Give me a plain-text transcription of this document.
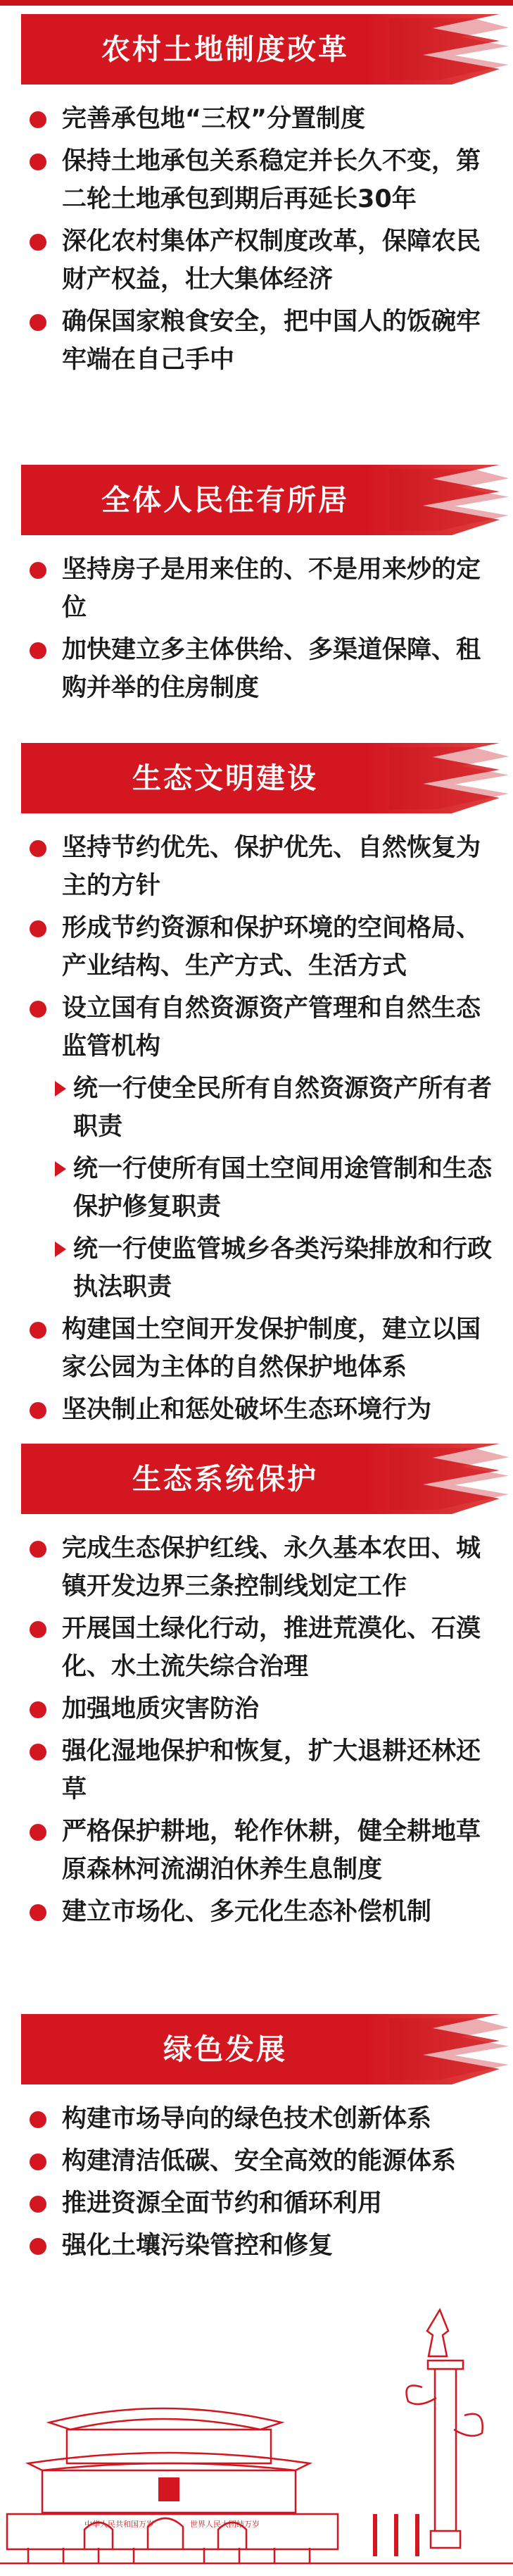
农村土地制度改革
完善承包地“三权”分置制度
保持土地承包关系稳定并长久不变，第二轮土地承包到期后再延长30年
深化农村集体产权制度改革，保障农民财产权益，壮大集体经济
确保国家粮食安全，把中国人的饭碗牢牢端在自己手中
全体人民住有所居
坚持房子是用来住的、不是用来炒的定位
加快建立多主体供给、多渠道保障、租购并举的住房制度
生态文明建设
坚持节约优先、保护优先、自然恢复为主的方针
形成节约资源和保护环境的空间格局、产业结构、生产方式、生活方式
设立国有自然资源资产管理和自然生态监管机构
统一行使全民所有自然资源资产所有者职责
统一行使所有国土空间用途管制和生态保护修复职责
统一行使监管城乡各类污染排放和行政执法职责
构建国土空间开发保护制度，建立以国家公园为主体的自然保护地体系
坚决制止和惩处破坏生态环境行为
生态系统保护
完成生态保护红线、永久基本农田、城镇开发边界三条控制线划定工作
开展国土绿化行动，推进荒漠化、石漠化、水土流失综合治理
加强地质灾害防治
强化湿地保护和恢复，扩大退耕还林还草
严格保护耕地，轮作休耕，健全耕地草原森林河流湖泊休养生息制度
建立市场化、多元化生态补偿机制
绿色发展
构建市场导向的绿色技术创新体系
构建清洁低碳、安全高效的能源体系
推进资源全面节约和循环利用
强化土壤污染管控和修复
中华人民共和国万岁	世界人民大团结万岁
